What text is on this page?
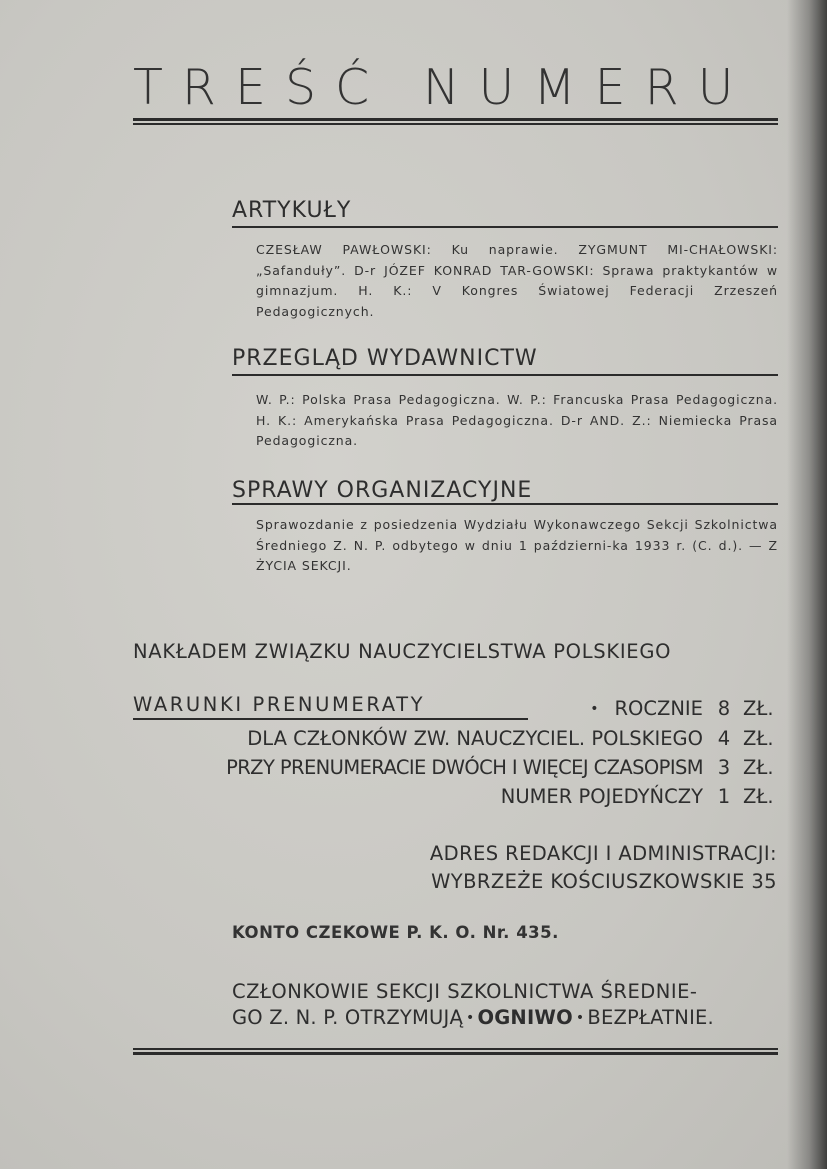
TREŚĆ NUMERU
ARTYKUŁY
CZESŁAW PAWŁOWSKI: Ku naprawie. ZYGMUNT MI-CHAŁOWSKI: „Safanduły”. D-r JÓZEF KONRAD TAR-GOWSKI: Sprawa praktykantów w gimnazjum. H. K.: V Kongres Światowej Federacji Zrzeszeń Pedagogicznych.
PRZEGLĄD WYDAWNICTW
W. P.: Polska Prasa Pedagogiczna. W. P.: Francuska Prasa Pedagogiczna. H. K.: Amerykańska Prasa Pedagogiczna. D-r AND. Z.: Niemiecka Prasa Pedagogiczna.
SPRAWY ORGANIZACYJNE
Sprawozdanie z posiedzenia Wydziału Wykonawczego Sekcji Szkolnictwa Średniego Z. N. P. odbytego w dniu 1 październi-ka 1933 r. (C. d.). — Z ŻYCIA SEKCJI.
NAKŁADEM ZWIĄZKU NAUCZYCIELSTWA POLSKIEGO
WARUNKI PRENUMERATY	• ROCZNIE 8 ZŁ.
DLA CZŁONKÓW ZW. NAUCZYCIEL. POLSKIEGO 4 ZŁ.
PRZY PRENUMERACIE DWÓCH I WIĘCEJ CZASOPISM 3 ZŁ.
NUMER POJEDYŃCZY 1 ZŁ.
ADRES REDAKCJI I ADMINISTRACJI:
WYBRZEŻE KOŚCIUSZKOWSKIE 35
KONTO CZEKOWE P. K. O. Nr. 435.
CZŁONKOWIE SEKCJI SZKOLNICTWA ŚREDNIE-
GO Z. N. P. OTRZYMUJĄ • OGNIWO • BEZPŁATNIE.
